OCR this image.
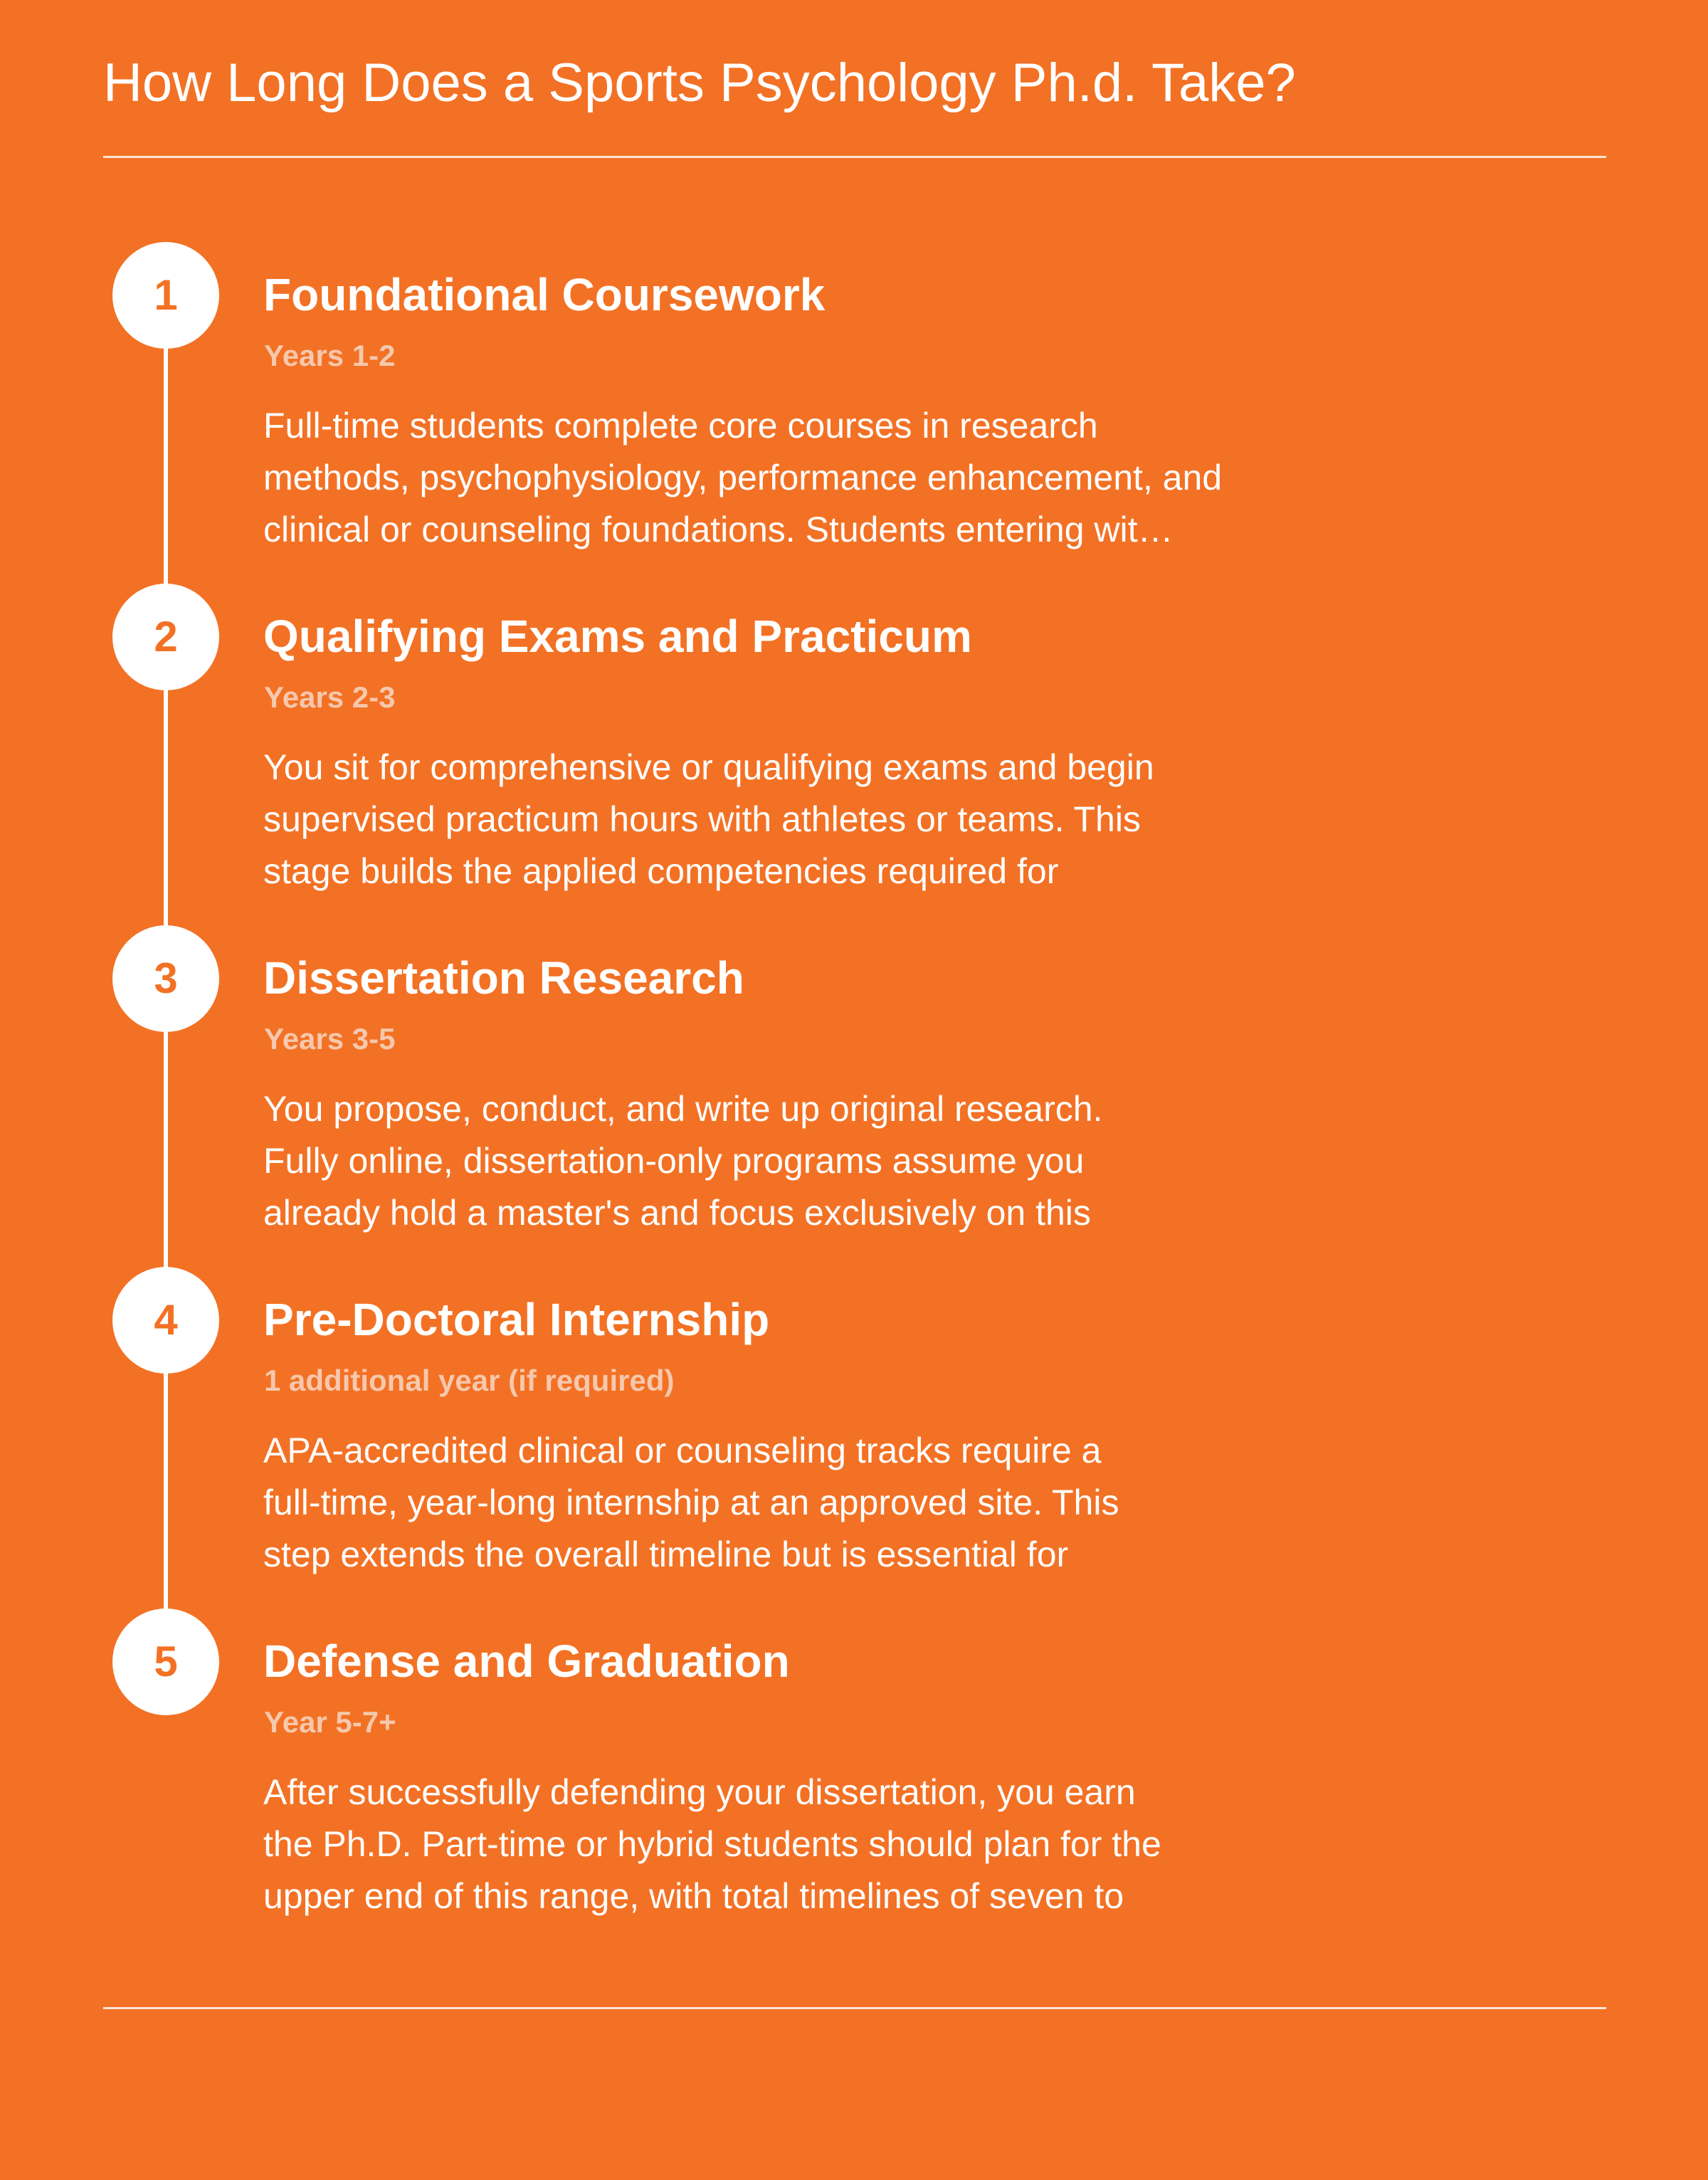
How Long Does a Sports Psychology Ph.d. Take?
1	Foundational Coursework
Years 1-2
Full-time students complete core courses in research
methods, psychophysiology, performance enhancement, and
clinical or counseling foundations. Students entering wit…
2	Qualifying Exams and Practicum
Years 2-3
You sit for comprehensive or qualifying exams and begin
supervised practicum hours with athletes or teams. This
stage builds the applied competencies required for
3	Dissertation Research
Years 3-5
You propose, conduct, and write up original research.
Fully online, dissertation-only programs assume you
already hold a master's and focus exclusively on this
4	Pre-Doctoral Internship
1 additional year (if required)
APA-accredited clinical or counseling tracks require a
full-time, year-long internship at an approved site. This
step extends the overall timeline but is essential for
5	Defense and Graduation
Year 5-7+
After successfully defending your dissertation, you earn
the Ph.D. Part-time or hybrid students should plan for the
upper end of this range, with total timelines of seven to
